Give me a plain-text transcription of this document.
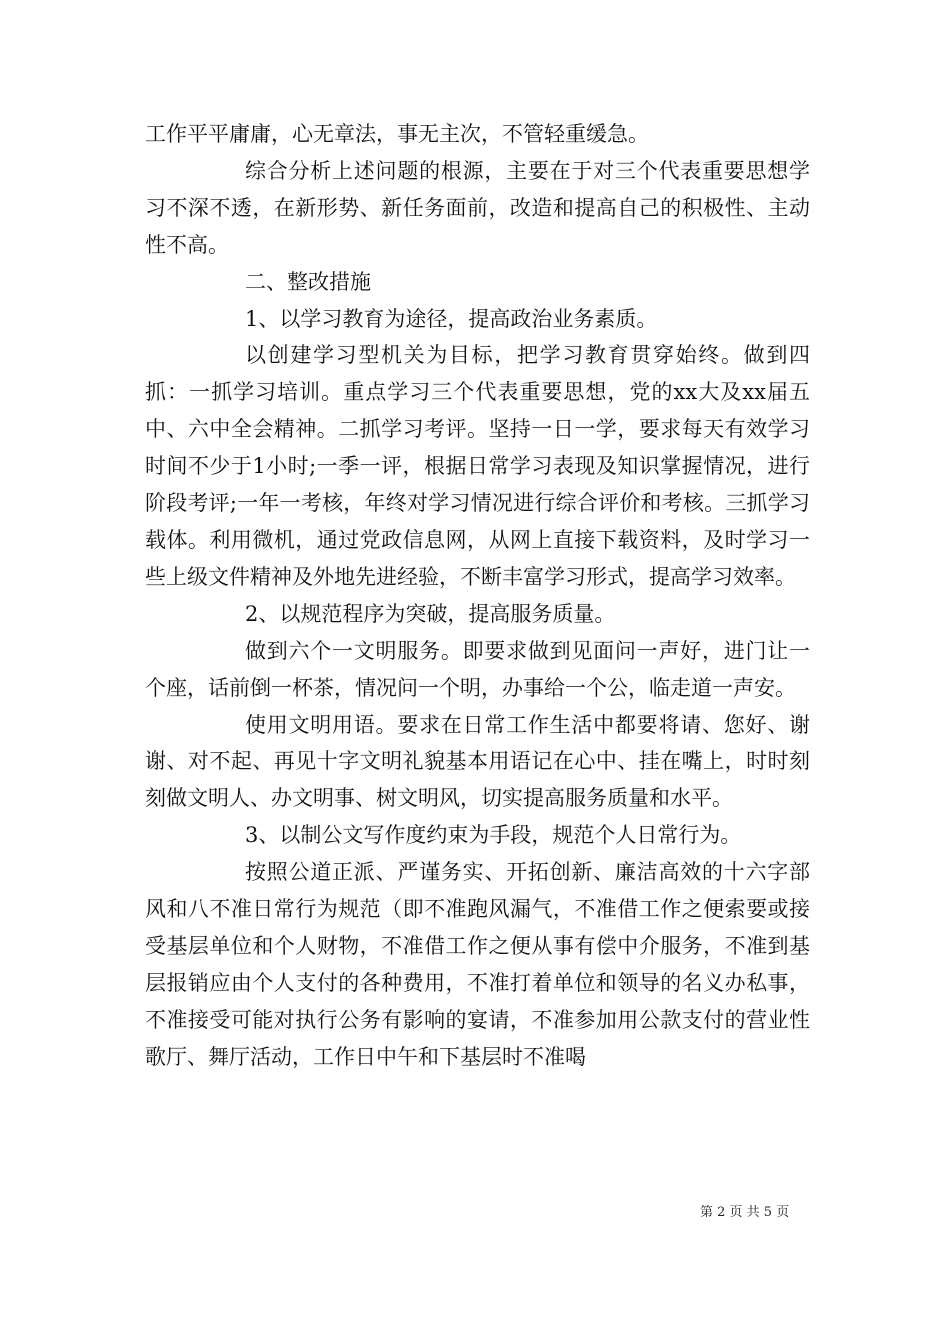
工作平平庸庸，心无章法，事无主次，不管轻重缓急。

综合分析上述问题的根源，主要在于对三个代表重要思想学习不深不透，在新形势、新任务面前，改造和提高自己的积极性、主动性不高。

二、整改措施

1、以学习教育为途径，提高政治业务素质。

以创建学习型机关为目标，把学习教育贯穿始终。做到四抓：一抓学习培训。重点学习三个代表重要思想，党的xx大及xx届五中、六中全会精神。二抓学习考评。坚持一日一学，要求每天有效学习时间不少于1小时;一季一评，根据日常学习表现及知识掌握情况，进行阶段考评;一年一考核，年终对学习情况进行综合评价和考核。三抓学习载体。利用微机，通过党政信息网，从网上直接下载资料，及时学习一些上级文件精神及外地先进经验，不断丰富学习形式，提高学习效率。

2、以规范程序为突破，提高服务质量。

做到六个一文明服务。即要求做到见面问一声好，进门让一个座，话前倒一杯茶，情况问一个明，办事给一个公，临走道一声安。

使用文明用语。要求在日常工作生活中都要将请、您好、谢谢、对不起、再见十字文明礼貌基本用语记在心中、挂在嘴上，时时刻刻做文明人、办文明事、树文明风，切实提高服务质量和水平。

3、以制公文写作度约束为手段，规范个人日常行为。

按照公道正派、严谨务实、开拓创新、廉洁高效的十六字部风和八不准日常行为规范（即不准跑风漏气，不准借工作之便索要或接受基层单位和个人财物，不准借工作之便从事有偿中介服务，不准到基层报销应由个人支付的各种费用，不准打着单位和领导的名义办私事，不准接受可能对执行公务有影响的宴请，不准参加用公款支付的营业性歌厅、舞厅活动，工作日中午和下基层时不准喝

第 2 页 共 5 页
